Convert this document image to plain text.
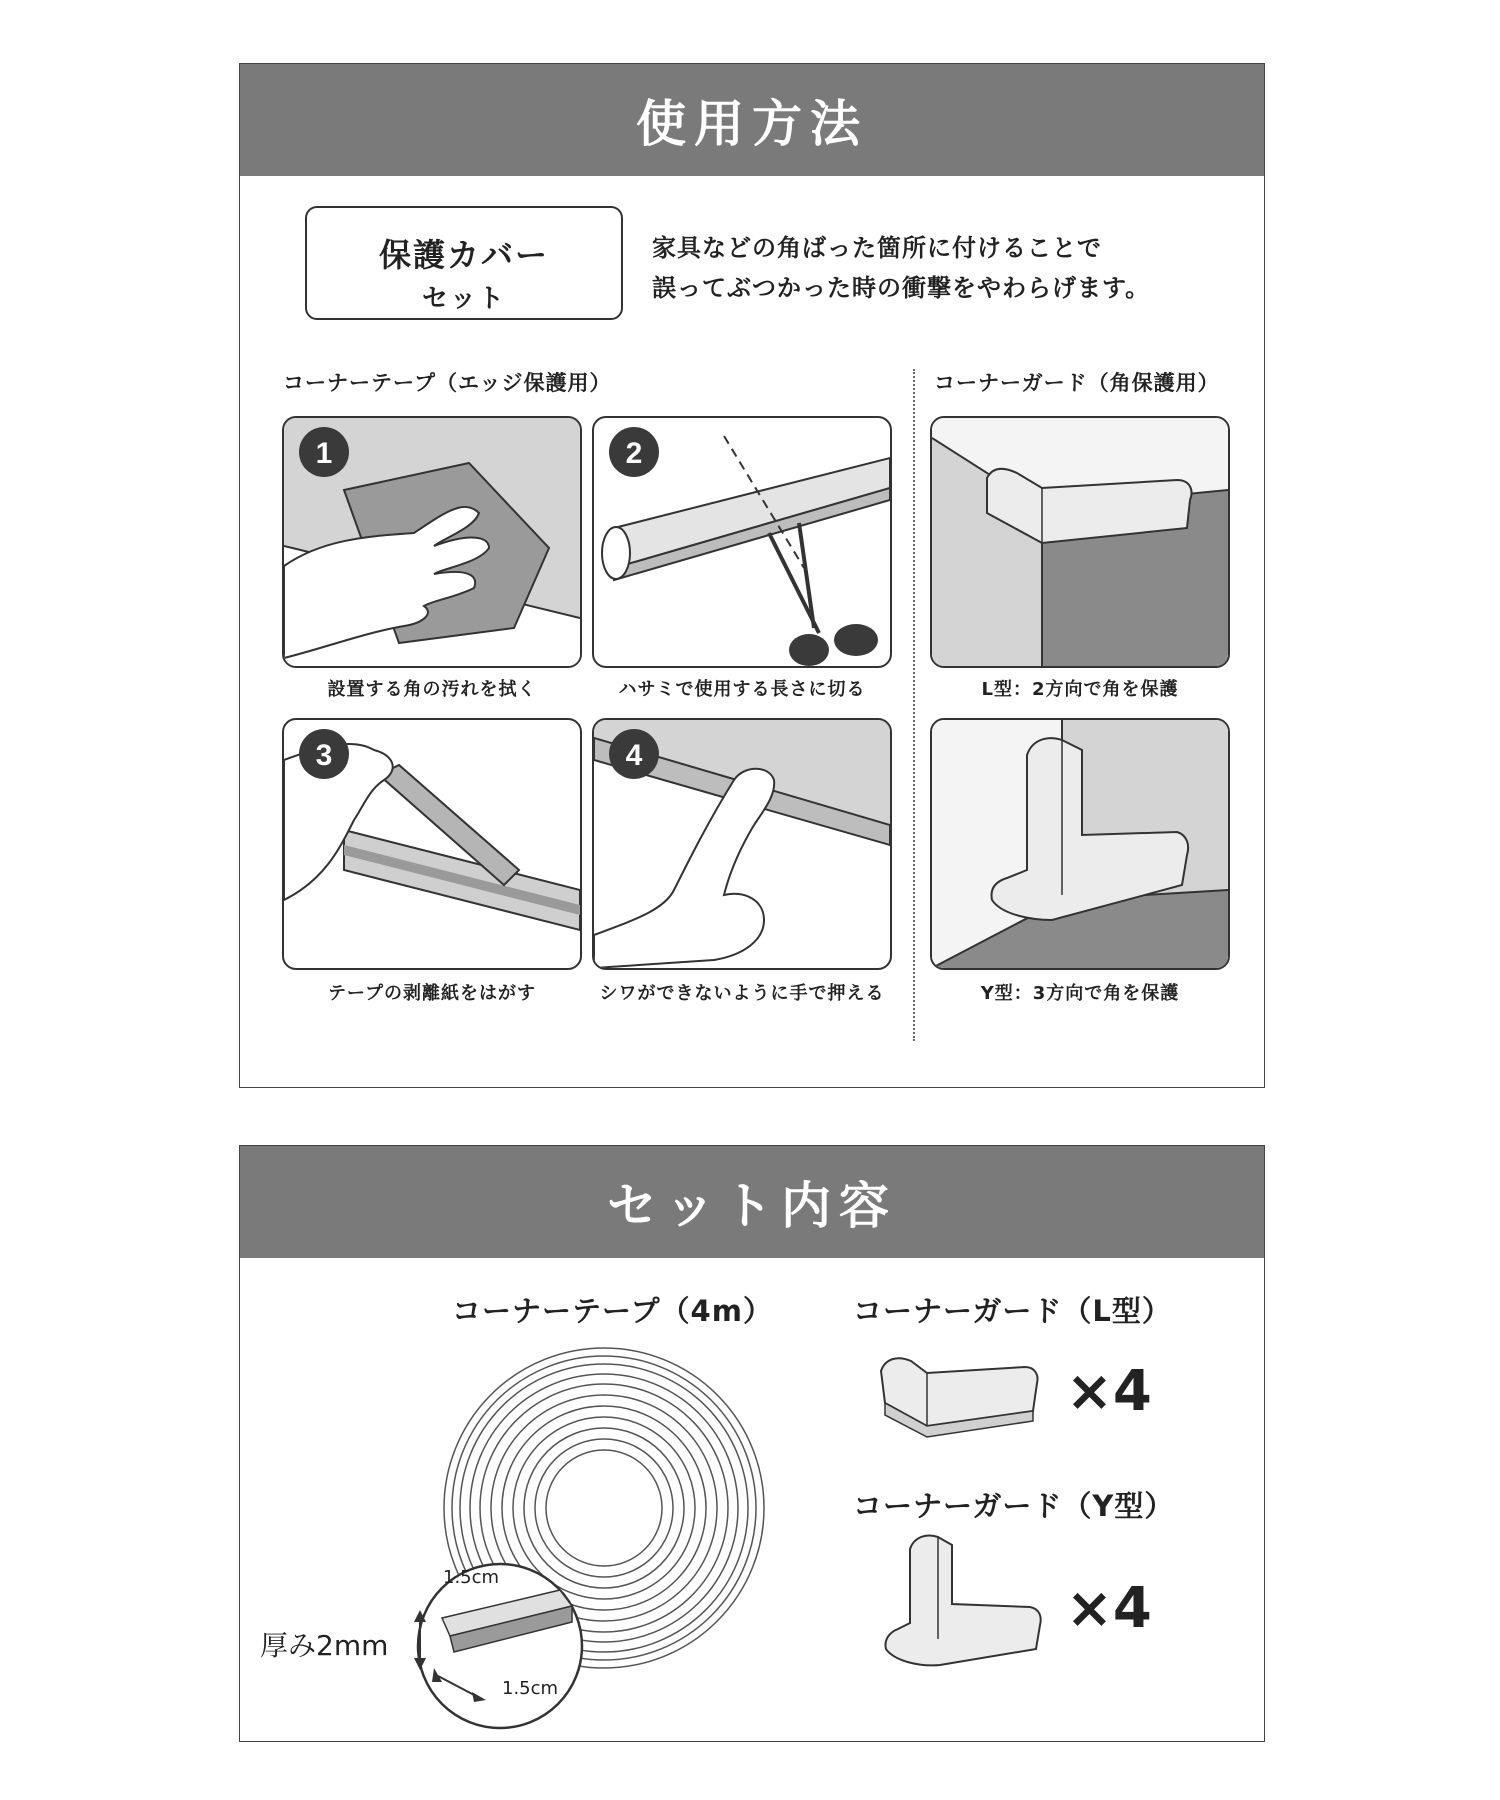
使用方法
保護カバー
セット
家具などの角ばった箇所に付けることで
誤ってぶつかった時の衝撃をやわらげます。
コーナーテープ（エッジ保護用）	コーナーガード（角保護用）
1
設置する角の汚れを拭く
2
ハサミで使用する長さに切る
3
テープの剥離紙をはがす
4
シワができないように手で押える
L型：2方向で角を保護
Y型：3方向で角を保護
セット内容
コーナーテープ（4m）
1.5cm
1.5cm
厚み2mm
コーナーガード（L型）
×4
コーナーガード（Y型）
×4
